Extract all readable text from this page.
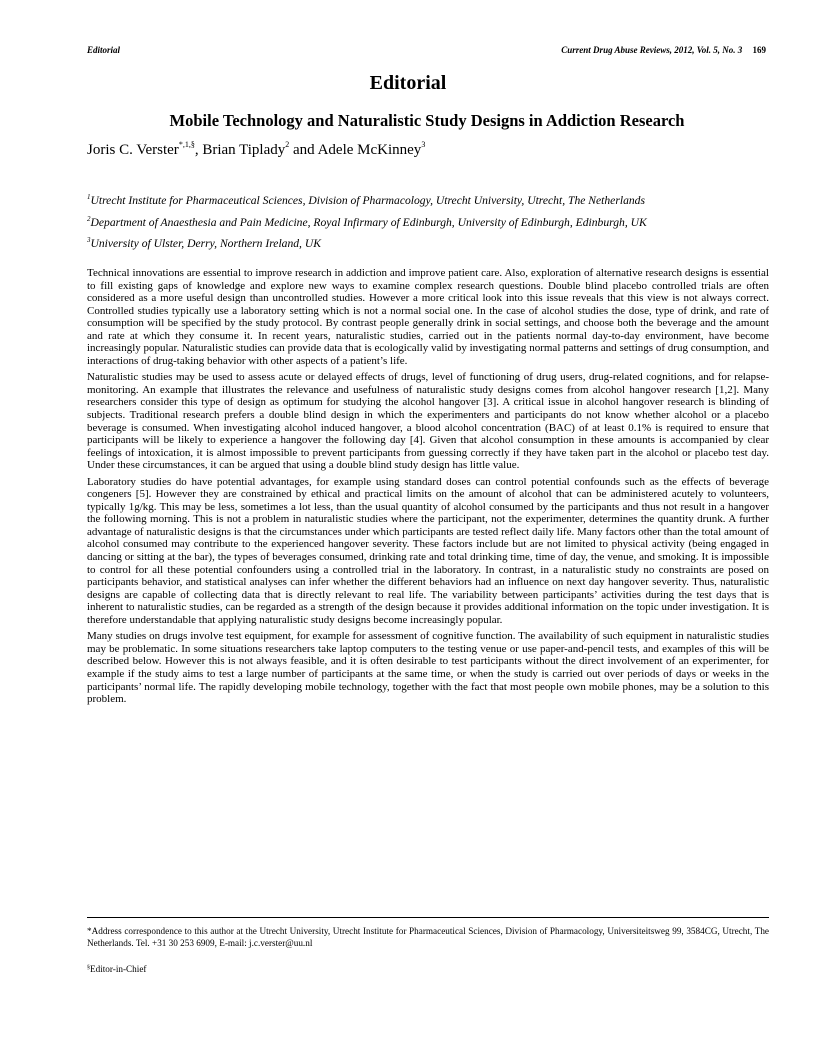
Editorial	Current Drug Abuse Reviews, 2012, Vol. 5, No. 3 169
Editorial
Mobile Technology and Naturalistic Study Designs in Addiction Research
Joris C. Verster$^{*,1,\S}$, Brian Tiplady$^2$ and Adele McKinney$^3$
$^1$Utrecht Institute for Pharmaceutical Sciences, Division of Pharmacology, Utrecht University, Utrecht, The Netherlands
$^2$Department of Anaesthesia and Pain Medicine, Royal Infirmary of Edinburgh, University of Edinburgh, Edinburgh, UK
$^3$University of Ulster, Derry, Northern Ireland, UK

Technical innovations are essential to improve research in addiction and improve patient care. Also, exploration of alternative research designs is essential to fill existing gaps of knowledge and explore new ways to examine complex research questions. Double blind placebo controlled trials are often considered as a more useful design than uncontrolled studies. However a more critical look into this issue reveals that this view is not always correct. Controlled studies typically use a laboratory setting which is not a normal social one. In the case of alcohol studies the dose, type of drink, and rate of consumption will be specified by the study protocol. By contrast people generally drink in social settings, and choose both the beverage and the amount and rate at which they consume it. In recent years, naturalistic studies, carried out in the patients normal day-to-day environment, have become increasingly popular. Naturalistic studies can provide data that is ecologically valid by investigating normal patterns and settings of drug consumption, and interactions of drug-taking behavior with other aspects of a patient’s life.

Naturalistic studies may be used to assess acute or delayed effects of drugs, level of functioning of drug users, drug-related cognitions, and for relapse-monitoring. An example that illustrates the relevance and usefulness of naturalistic study designs comes from alcohol hangover research [1,2]. Many researchers consider this type of design as optimum for studying the alcohol hangover [3]. A critical issue in alcohol hangover research is blinding of subjects. Traditional research prefers a double blind design in which the experimenters and participants do not know whether alcohol or a placebo beverage is consumed. When investigating alcohol induced hangover, a blood alcohol concentration (BAC) of at least 0.1% is required to ensure that participants will be likely to experience a hangover the following day [4]. Given that alcohol consumption in these amounts is accompanied by clear feelings of intoxication, it is almost impossible to prevent participants from guessing correctly if they have taken part in the alcohol or placebo test day. Under these circumstances, it can be argued that using a double blind study design has little value.

Laboratory studies do have potential advantages, for example using standard doses can control potential confounds such as the effects of beverage congeners [5]. However they are constrained by ethical and practical limits on the amount of alcohol that can be administered acutely to volunteers, typically 1g/kg. This may be less, sometimes a lot less, than the usual quantity of alcohol consumed by the participants and thus not result in a hangover the following morning. This is not a problem in naturalistic studies where the participant, not the experimenter, determines the quantity drunk. A further advantage of naturalistic designs is that the circumstances under which participants are tested reflect daily life. Many factors other than the total amount of alcohol consumed may contribute to the experienced hangover severity. These factors include but are not limited to physical activity (being engaged in dancing or sitting at the bar), the types of beverages consumed, drinking rate and total drinking time, time of day, the venue, and smoking. It is impossible to control for all these potential confounders using a controlled trial in the laboratory. In contrast, in a naturalistic study no constraints are posed on participants behavior, and statistical analyses can infer whether the different behaviors had an influence on next day hangover severity. Thus, naturalistic designs are capable of collecting data that is directly relevant to real life. The variability between participants’ activities during the test days that is inherent to naturalistic studies, can be regarded as a strength of the design because it provides additional information on the topic under investigation. It is therefore understandable that applying naturalistic study designs become increasingly popular.

Many studies on drugs involve test equipment, for example for assessment of cognitive function. The availability of such equipment in naturalistic studies may be problematic. In some situations researchers take laptop computers to the testing venue or use paper-and-pencil tests, and examples of this will be described below. However this is not always feasible, and it is often desirable to test participants without the direct involvement of an experimenter, for example if the study aims to test a large number of participants at the same time, or when the study is carried out over periods of days or weeks in the participants’ normal life. The rapidly developing mobile technology, together with the fact that most people own mobile phones, may be a solution to this problem.

*Address correspondence to this author at the Utrecht University, Utrecht Institute for Pharmaceutical Sciences, Division of Pharmacology, Universiteitsweg 99, 3584CG, Utrecht, The Netherlands. Tel. +31 30 253 6909, E-mail: j.c.verster@uu.nl
§Editor-in-Chief
